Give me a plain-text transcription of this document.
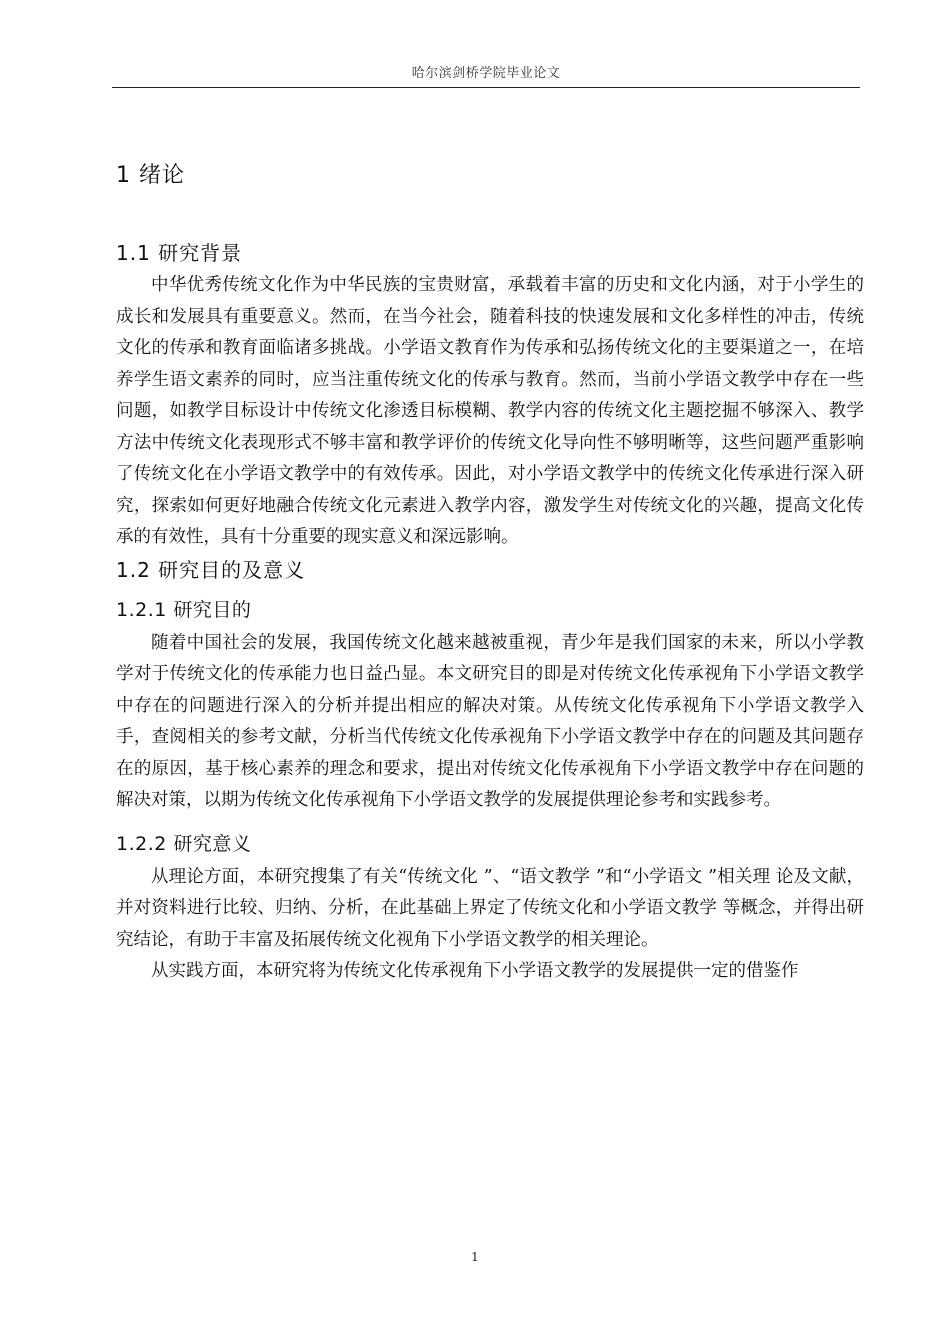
哈尔滨剑桥学院毕业论文
1 绪论
1.1 研究背景

中华优秀传统文化作为中华民族的宝贵财富，承载着丰富的历史和文化内涵，对于小学生的成长和发展具有重要意义。然而，在当今社会，随着科技的快速发展和文化多样性的冲击，传统文化的传承和教育面临诸多挑战。小学语文教育作为传承和弘扬传统文化的主要渠道之一，在培养学生语文素养的同时，应当注重传统文化的传承与教育。然而，当前小学语文教学中存在一些问题，如教学目标设计中传统文化渗透目标模糊、教学内容的传统文化主题挖掘不够深入、教学方法中传统文化表现形式不够丰富和教学评价的传统文化导向性不够明晰等，这些问题严重影响了传统文化在小学语文教学中的有效传承。因此，对小学语文教学中的传统文化传承进行深入研究，探索如何更好地融合传统文化元素进入教学内容，激发学生对传统文化的兴趣，提高文化传承的有效性，具有十分重要的现实意义和深远影响。

1.2 研究目的及意义
1.2.1 研究目的

随着中国社会的发展，我国传统文化越来越被重视，青少年是我们国家的未来，所以小学教学对于传统文化的传承能力也日益凸显。本文研究目的即是对传统文化传承视角下小学语文教学中存在的问题进行深入的分析并提出相应的解决对策。从传统文化传承视角下小学语文教学入手，查阅相关的参考文献，分析当代传统文化传承视角下小学语文教学中存在的问题及其问题存在的原因，基于核心素养的理念和要求，提出对传统文化传承视角下小学语文教学中存在问题的解决对策，以期为传统文化传承视角下小学语文教学的发展提供理论参考和实践参考。

1.2.2 研究意义

从理论方面，本研究搜集了有关“传统文化 ”、“语文教学 ”和“小学语文 ”相关理 论及文献，并对资料进行比较、归纳、分析，在此基础上界定了传统文化和小学语文教学 等概念，并得出研究结论，有助于丰富及拓展传统文化视角下小学语文教学的相关理论。

从实践方面，本研究将为传统文化传承视角下小学语文教学的发展提供一定的借鉴作

1
